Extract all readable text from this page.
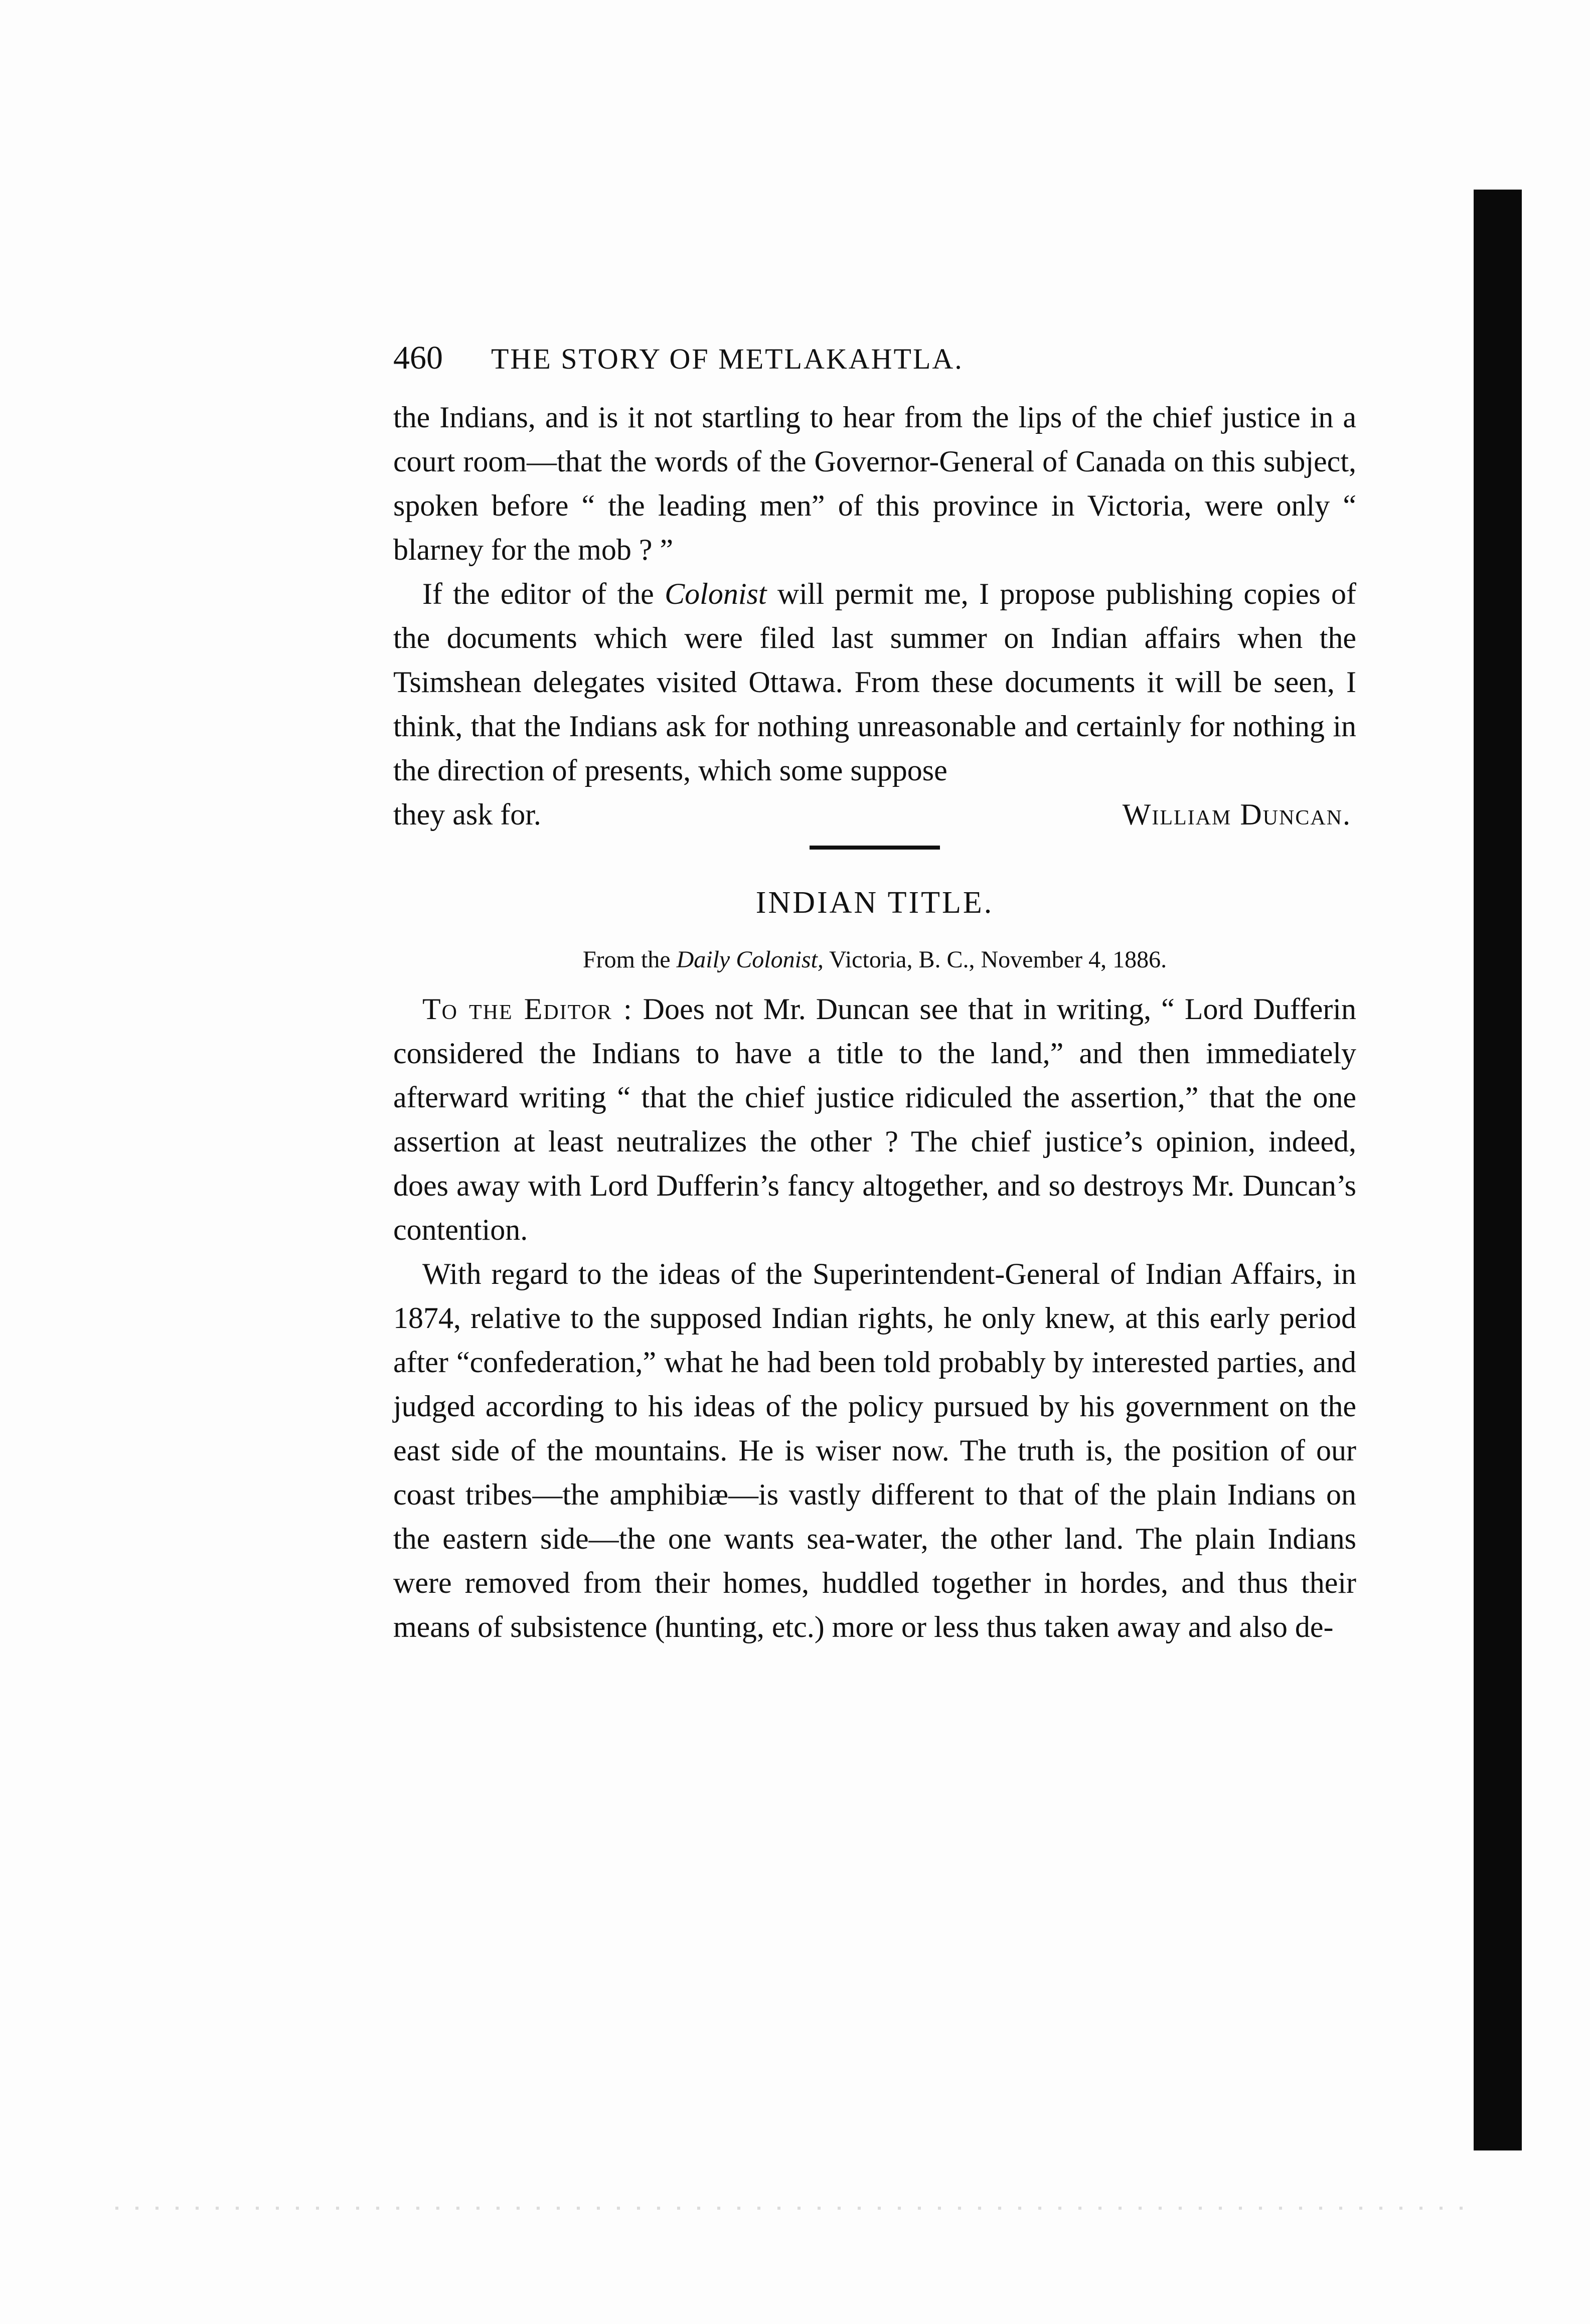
460 THE STORY OF METLAKAHTLA.

the Indians, and is it not startling to hear from the lips of the chief justice in a court room—that the words of the Governor-General of Canada on this subject, spoken before “ the leading men” of this province in Victoria, were only “ blarney for the mob ? ”

If the editor of the Colonist will permit me, I propose publishing copies of the documents which were filed last summer on Indian affairs when the Tsimshean delegates visited Ottawa. From these documents it will be seen, I think, that the Indians ask for nothing unreasonable and certainly for nothing in the direction of presents, which some suppose

they ask for.	William Duncan.
INDIAN TITLE.
From the Daily Colonist, Victoria, B. C., November 4, 1886.

To the Editor : Does not Mr. Duncan see that in writing, “ Lord Dufferin considered the Indians to have a title to the land,” and then immediately afterward writing “ that the chief justice ridiculed the assertion,” that the one assertion at least neutralizes the other ? The chief justice’s opinion, indeed, does away with Lord Dufferin’s fancy altogether, and so destroys Mr. Duncan’s contention.

With regard to the ideas of the Superintendent-General of Indian Affairs, in 1874, relative to the supposed Indian rights, he only knew, at this early period after “confederation,” what he had been told probably by interested parties, and judged according to his ideas of the policy pursued by his government on the east side of the mountains. He is wiser now. The truth is, the position of our coast tribes—the amphibiæ—is vastly different to that of the plain Indians on the eastern side—the one wants sea-water, the other land. The plain Indians were removed from their homes, huddled together in hordes, and thus their means of subsistence (hunting, etc.) more or less thus taken away and also de-
